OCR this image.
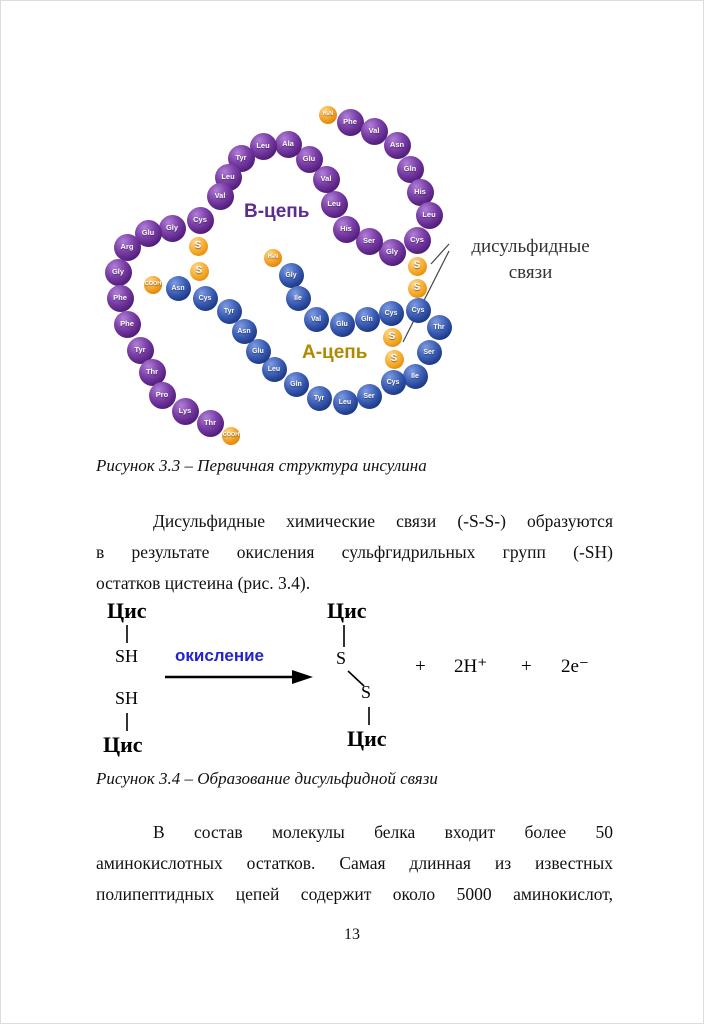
H₂N
Phe
Val
Asn
Gln
His
Leu
Cys
Gly
Ser
His
Leu
Val
Glu
Ala
Leu
Tyr
Leu
Val
Cys
Gly
Glu
Arg
Gly
Phe
Phe
Tyr
Thr
Pro
Lys
Thr
COOH
S
S
S
S
S
S
H₂N
Gly
Ile
Val
Glu
Gln
Cys	Cys
Thr
Ser
Ile
Cys
Ser
Leu
Tyr
Gln
Leu
Glu
Asn
Tyr
Cys
Asn
COOH
В-цепь
А-цепь
дисульфидные
связи
Рисунок 3.3 – Первичная структура инсулина
Дисульфидные химические связи (-S-S-) образуются
в результате окисления сульфгидрильных групп (-SH)
остатков цистеина (рис. 3.4).
Цис
SH
SH
Цис
окисление
Цис
S
S
Цис
+ 2H⁺ + 2e⁻
Рисунок 3.4 – Образование дисульфидной связи
В состав молекулы белка входит более 50
аминокислотных остатков. Самая длинная из известных
полипептидных цепей содержит около 5000 аминокислот,
13
